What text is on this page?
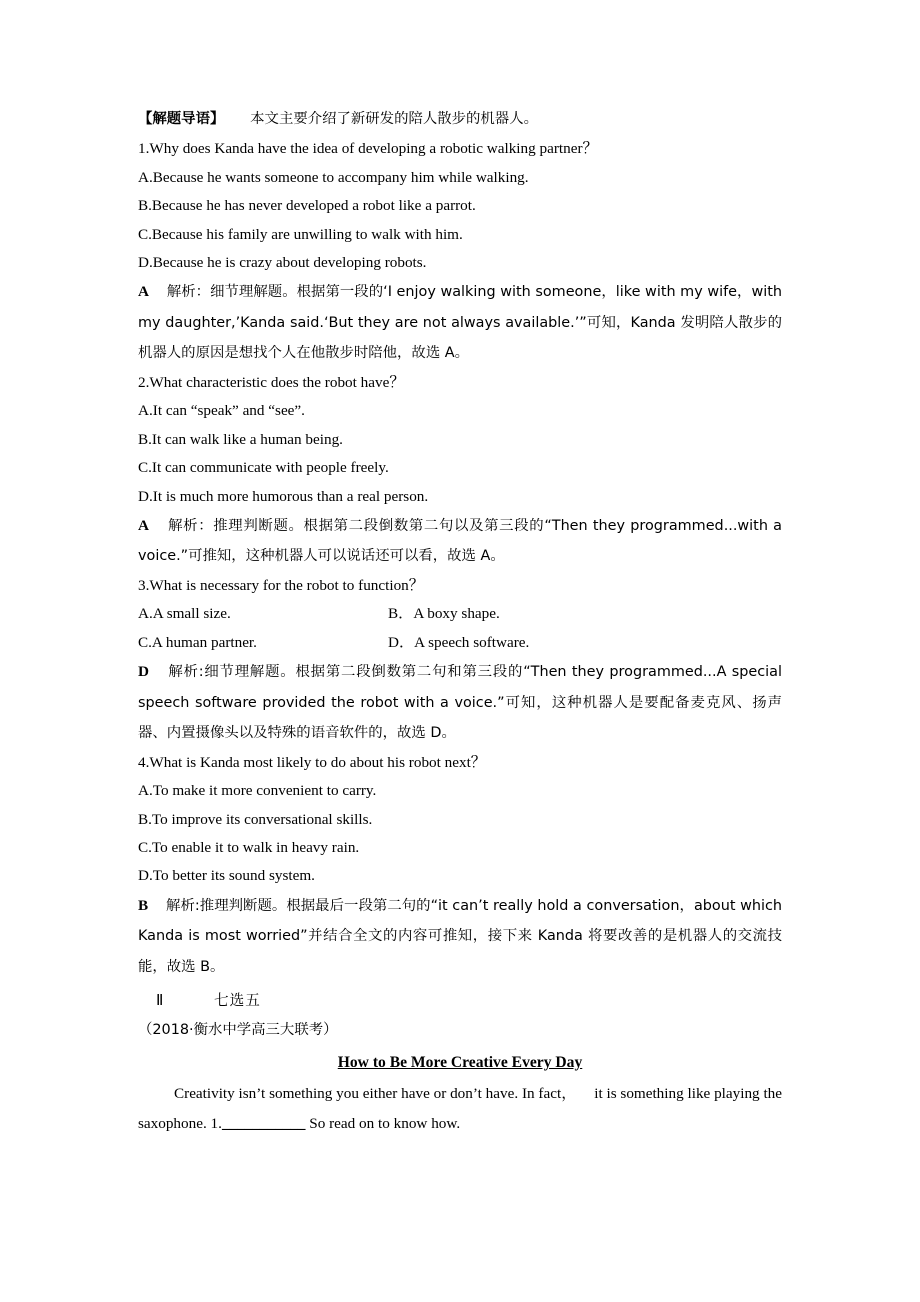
【解题导语】 本文主要介绍了新研发的陪人散步的机器人。
1.Why does Kanda have the idea of developing a robotic walking partner？
A.Because he wants someone to accompany him while walking.
B.Because he has never developed a robot like a parrot.
C.Because his family are unwilling to walk with him.
D.Because he is crazy about developing robots.
A 解析：细节理解题。根据第一段的‘I enjoy walking with someone，like with my wife，with my daughter,’Kanda said.‘But they are not always available.’”可知，Kanda 发明陪人散步的机器人的原因是想找个人在他散步时陪他，故选 A。
2.What characteristic does the robot have？
A.It can “speak” and “see”.
B.It can walk like a human being.
C.It can communicate with people freely.
D.It is much more humorous than a real person.
A 解析：推理判断题。根据第二段倒数第二句以及第三段的“Then they programmed...with a voice.”可推知，这种机器人可以说话还可以看，故选 A。
3.What is necessary for the robot to function？
A.A small size.	B．A boxy shape.
C.A human partner.	D．A speech software.
D 解析:细节理解题。根据第二段倒数第二句和第三段的“Then they programmed...A special speech software provided the robot with a voice.”可知，这种机器人是要配备麦克风、扬声器、内置摄像头以及特殊的语音软件的，故选 D。
4.What is Kanda most likely to do about his robot next？
A.To make it more convenient to carry.
B.To improve its conversational skills.
C.To enable it to walk in heavy rain.
D.To better its sound system.
B 解析:推理判断题。根据最后一段第二句的“it can’t really hold a conversation，about which Kanda is most worried”并结合全文的内容可推知，接下来 Kanda 将要改善的是机器人的交流技能，故选 B。
Ⅱ	七选五
（2018·衡水中学高三大联考）
How to Be More Creative Every Day
Creativity isn’t something you either have or don’t have. In fact， it is something like playing the saxophone. 1.___________ So read on to know how.
